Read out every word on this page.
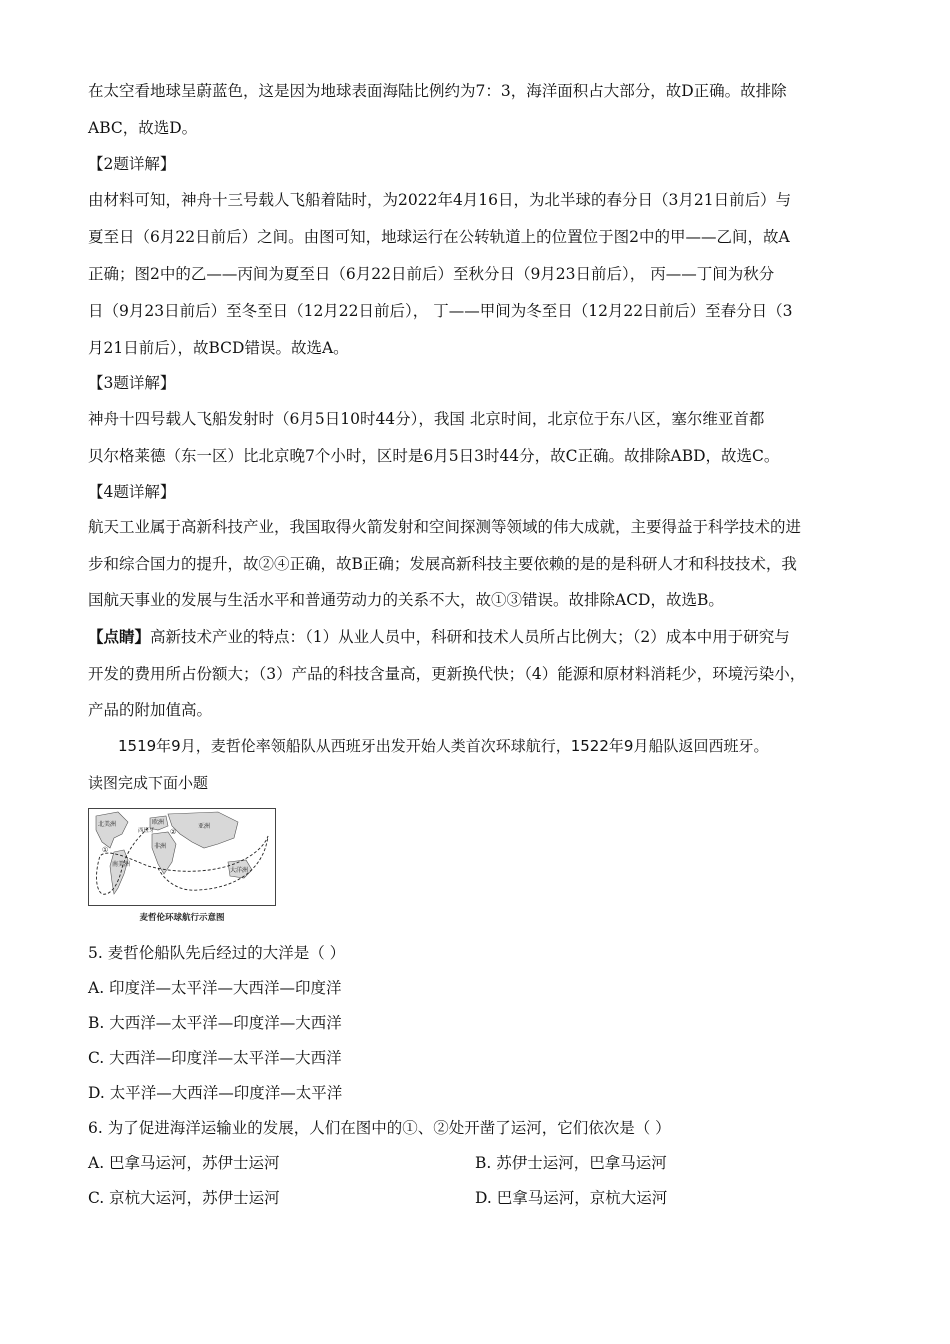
在太空看地球呈蔚蓝色，这是因为地球表面海陆比例约为7：3，海洋面积占大部分，故D正确。故排除
ABC，故选D。
【2题详解】
由材料可知，神舟十三号载人飞船着陆时，为2022年4月16日，为北半球的春分日（3月21日前后）与
夏至日（6月22日前后）之间。由图可知，地球运行在公转轨道上的位置位于图2中的甲——乙间，故A
正确；图2中的乙——丙间为夏至日（6月22日前后）至秋分日（9月23日前后）， 丙——丁间为秋分
日（9月23日前后）至冬至日（12月22日前后）， 丁——甲间为冬至日（12月22日前后）至春分日（3
月21日前后），故BCD错误。故选A。
【3题详解】
神舟十四号载人飞船发射时（6月5日10时44分），我国 北京时间，北京位于东八区，塞尔维亚首都
贝尔格莱德（东一区）比北京晚7个小时，区时是6月5日3时44分，故C正确。故排除ABD，故选C。
【4题详解】
航天工业属于高新科技产业，我国取得火箭发射和空间探测等领域的伟大成就，主要得益于科学技术的进
步和综合国力的提升，故②④正确，故B正确；发展高新科技主要依赖的是的是科研人才和科技技术，我
国航天事业的发展与生活水平和普通劳动力的关系不大，故①③错误。故排除ACD，故选B。
【点睛】高新技术产业的特点：（1）从业人员中，科研和技术人员所占比例大；（2）成本中用于研究与
开发的费用所占份额大；（3）产品的科技含量高，更新换代快；（4）能源和原材料消耗少，环境污染小，
产品的附加值高。
1519年9月，麦哲伦率领船队从西班牙出发开始人类首次环球航行，1522年9月船队返回西班牙。
读图完成下面小题
北美洲
南美洲
欧洲
非洲
亚洲
大洋洲
西班牙
①
②
麦哲伦环球航行示意图
5. 麦哲伦船队先后经过的大洋是（ ）
A. 印度洋—太平洋—大西洋—印度洋
B. 大西洋—太平洋—印度洋—大西洋
C. 大西洋—印度洋—太平洋—大西洋
D. 太平洋—大西洋—印度洋—太平洋
6. 为了促进海洋运输业的发展，人们在图中的①、②处开凿了运河，它们依次是（ ）
A. 巴拿马运河，苏伊士运河	B. 苏伊士运河，巴拿马运河
C. 京杭大运河，苏伊士运河	D. 巴拿马运河，京杭大运河
